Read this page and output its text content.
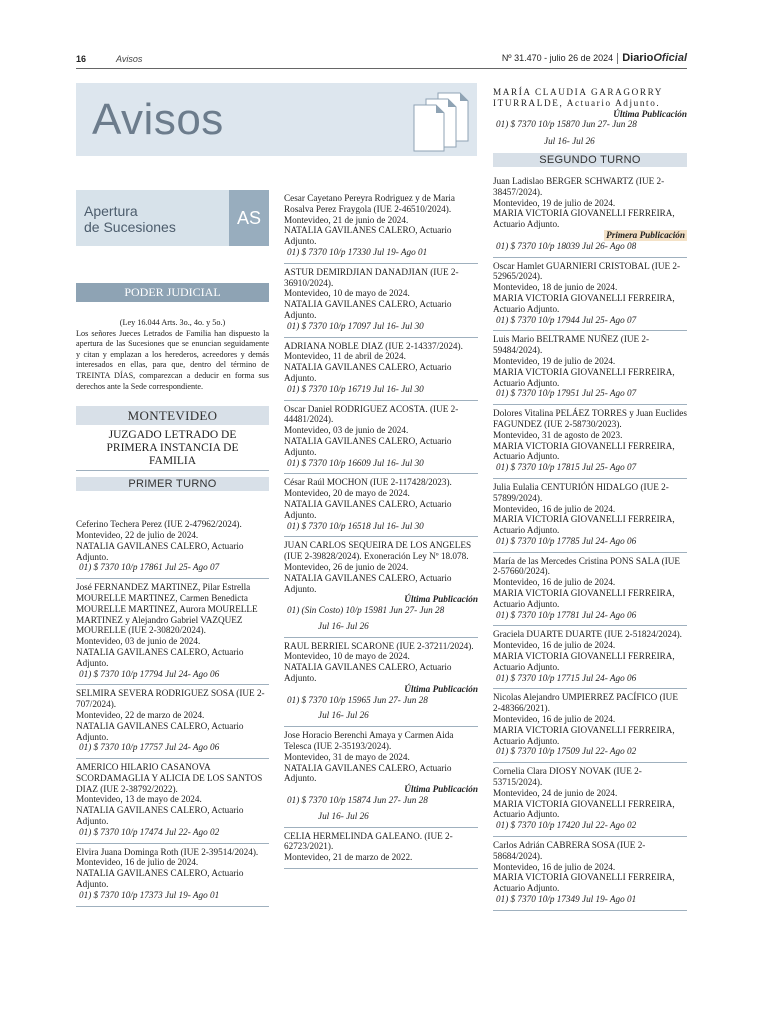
16	Avisos	Nº 31.470 - julio 26 de 2024 DiarioOficial
Avisos
Apertura
de Sucesiones	AS
PODER JUDICIAL
(Ley 16.044 Arts. 3o., 4o. y 5o.)
Los señores Jueces Letrados de Familia han dispuesto la apertura de las Sucesiones que se enuncian seguidamente y citan y emplazan a los herederos, acreedores y demás interesados en ellas, para que, dentro del término de TREINTA DÍAS, comparezcan a deducir en forma sus derechos ante la Sede correspondiente.
MONTEVIDEO
JUZGADO LETRADO DE PRIMERA INSTANCIA DE FAMILIA
PRIMER TURNO
Ceferino Techera Perez (IUE 2-47962/2024).
Montevideo, 22 de julio de 2024.
NATALIA GAVILANES CALERO, Actuario Adjunto.
01) $ 7370 10/p 17861 Jul 25- Ago 07
José FERNANDEZ MARTINEZ, Pilar Estrella MOURELLE MARTINEZ, Carmen Benedicta MOURELLE MARTINEZ, Aurora MOURELLE MARTINEZ y Alejandro Gabriel VAZQUEZ MOURELLE (IUE 2-30820/2024).
Montevideo, 03 de junio de 2024.
NATALIA GAVILANES CALERO, Actuario Adjunto.
01) $ 7370 10/p 17794 Jul 24- Ago 06
SELMIRA SEVERA RODRIGUEZ SOSA (IUE 2-707/2024).
Montevideo, 22 de marzo de 2024.
NATALIA GAVILANES CALERO, Actuario Adjunto.
01) $ 7370 10/p 17757 Jul 24- Ago 06
AMERICO HILARIO CASANOVA SCORDAMAGLIA Y ALICIA DE LOS SANTOS DIAZ (IUE 2-38792/2022).
Montevideo, 13 de mayo de 2024.
NATALIA GAVILANES CALERO, Actuario Adjunto.
01) $ 7370 10/p 17474 Jul 22- Ago 02
Elvira Juana Dominga Roth (IUE 2-39514/2024).
Montevideo, 16 de julio de 2024.
NATALIA GAVILANES CALERO, Actuario Adjunto.
01) $ 7370 10/p 17373 Jul 19- Ago 01
Cesar Cayetano Pereyra Rodriguez y de Maria Rosalva Perez Fraygola (IUE 2-46510/2024).
Montevideo, 21 de junio de 2024.
NATALIA GAVILANES CALERO, Actuario Adjunto.
01) $ 7370 10/p 17330 Jul 19- Ago 01
ASTUR DEMIRDJIAN DANADJIAN (IUE 2-36910/2024).
Montevideo, 10 de mayo de 2024.
NATALIA GAVILANES CALERO, Actuario Adjunto.
01) $ 7370 10/p 17097 Jul 16- Jul 30
ADRIANA NOBLE DIAZ (IUE 2-14337/2024).
Montevideo, 11 de abril de 2024.
NATALIA GAVILANES CALERO, Actuario Adjunto.
01) $ 7370 10/p 16719 Jul 16- Jul 30
Oscar Daniel RODRIGUEZ ACOSTA. (IUE 2-44481/2024).
Montevideo, 03 de junio de 2024.
NATALIA GAVILANES CALERO, Actuario Adjunto.
01) $ 7370 10/p 16609 Jul 16- Jul 30
César Raúl MOCHON (IUE 2-117428/2023).
Montevideo, 20 de mayo de 2024.
NATALIA GAVILANES CALERO, Actuario Adjunto.
01) $ 7370 10/p 16518 Jul 16- Jul 30
JUAN CARLOS SEQUEIRA DE LOS ANGELES (IUE 2-39828/2024). Exoneración Ley Nº 18.078.
Montevideo, 26 de junio de 2024.
NATALIA GAVILANES CALERO, Actuario Adjunto.
Última Publicación
01) (Sin Costo) 10/p 15981 Jun 27- Jun 28
Jul 16- Jul 26
RAUL BERRIEL SCARONE (IUE 2-37211/2024).
Montevideo, 10 de mayo de 2024.
NATALIA GAVILANES CALERO, Actuario Adjunto.
Última Publicación
01) $ 7370 10/p 15965 Jun 27- Jun 28
Jul 16- Jul 26
Jose Horacio Berenchi Amaya y Carmen Aida Telesca (IUE 2-35193/2024).
Montevideo, 31 de mayo de 2024.
NATALIA GAVILANES CALERO, Actuario Adjunto.
Última Publicación
01) $ 7370 10/p 15874 Jun 27- Jun 28
Jul 16- Jul 26
CELIA HERMELINDA GALEANO. (IUE 2-62723/2021).
Montevideo, 21 de marzo de 2022.
MARÍA CLAUDIA GARAGORRY ITURRALDE, Actuario Adjunto.
Última Publicación
01) $ 7370 10/p 15870 Jun 27- Jun 28
Jul 16- Jul 26
SEGUNDO TURNO
Juan Ladislao BERGER SCHWARTZ (IUE 2-38457/2024).
Montevideo, 19 de julio de 2024.
MARIA VICTORIA GIOVANELLI FERREIRA, Actuario Adjunto.
Primera Publicación
01) $ 7370 10/p 18039 Jul 26- Ago 08
Oscar Hamlet GUARNIERI CRISTOBAL (IUE 2-52965/2024).
Montevideo, 18 de junio de 2024.
MARIA VICTORIA GIOVANELLI FERREIRA, Actuario Adjunto.
01) $ 7370 10/p 17944 Jul 25- Ago 07
Luis Mario BELTRAME NUÑEZ (IUE 2-59484/2024).
Montevideo, 19 de julio de 2024.
MARIA VICTORIA GIOVANELLI FERREIRA, Actuario Adjunto.
01) $ 7370 10/p 17951 Jul 25- Ago 07
Dolores Vitalina PELÁEZ TORRES y Juan Euclides FAGUNDEZ (IUE 2-58730/2023).
Montevideo, 31 de agosto de 2023.
MARIA VICTORIA GIOVANELLI FERREIRA, Actuario Adjunto.
01) $ 7370 10/p 17815 Jul 25- Ago 07
Julia Eulalia CENTURIÓN HIDALGO (IUE 2-57899/2024).
Montevideo, 16 de julio de 2024.
MARIA VICTORIA GIOVANELLI FERREIRA, Actuario Adjunto.
01) $ 7370 10/p 17785 Jul 24- Ago 06
María de las Mercedes Cristina PONS SALA (IUE 2-57660/2024).
Montevideo, 16 de julio de 2024.
MARIA VICTORIA GIOVANELLI FERREIRA, Actuario Adjunto.
01) $ 7370 10/p 17781 Jul 24- Ago 06
Graciela DUARTE DUARTE (IUE 2-51824/2024).
Montevideo, 16 de julio de 2024.
MARIA VICTORIA GIOVANELLI FERREIRA, Actuario Adjunto.
01) $ 7370 10/p 17715 Jul 24- Ago 06
Nicolas Alejandro UMPIERREZ PACÍFICO (IUE 2-48366/2021).
Montevideo, 16 de julio de 2024.
MARIA VICTORIA GIOVANELLI FERREIRA, Actuario Adjunto.
01) $ 7370 10/p 17509 Jul 22- Ago 02
Cornelia Clara DIOSY NOVAK (IUE 2-53715/2024).
Montevideo, 24 de junio de 2024.
MARIA VICTORIA GIOVANELLI FERREIRA, Actuario Adjunto.
01) $ 7370 10/p 17420 Jul 22- Ago 02
Carlos Adrián CABRERA SOSA (IUE 2-58684/2024).
Montevideo, 16 de julio de 2024.
MARIA VICTORIA GIOVANELLI FERREIRA, Actuario Adjunto.
01) $ 7370 10/p 17349 Jul 19- Ago 01
